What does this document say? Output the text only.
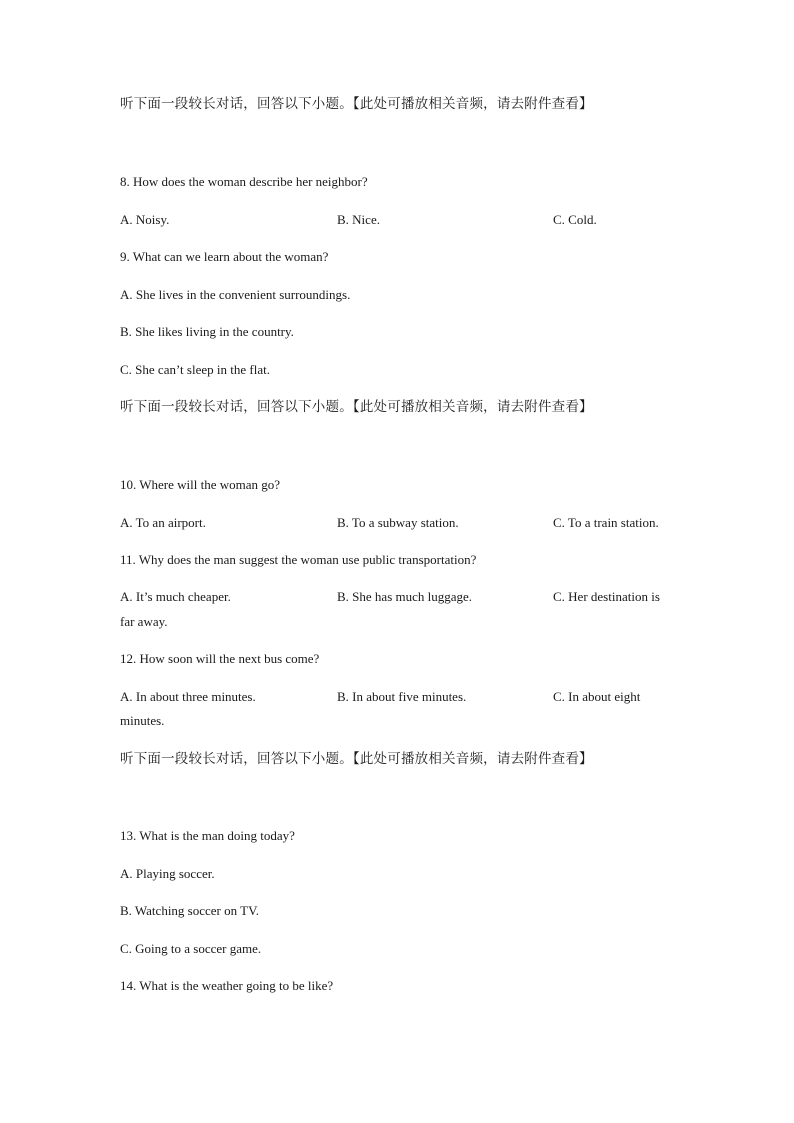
听下面一段较长对话，回答以下小题。【此处可播放相关音频，请去附件查看】
8. How does the woman describe her neighbor?
A. Noisy.	B. Nice.	C. Cold.
9. What can we learn about the woman?
A. She lives in the convenient surroundings.
B. She likes living in the country.
C. She can’t sleep in the flat.
听下面一段较长对话，回答以下小题。【此处可播放相关音频，请去附件查看】
10. Where will the woman go?
A. To an airport.	B. To a subway station.	C. To a train station.
11. Why does the man suggest the woman use public transportation?
A. It’s much cheaper.	B. She has much luggage.	C. Her destination is
far away.
12. How soon will the next bus come?
A. In about three minutes.	B. In about five minutes.	C. In about eight
minutes.
听下面一段较长对话，回答以下小题。【此处可播放相关音频，请去附件查看】
13. What is the man doing today?
A. Playing soccer.
B. Watching soccer on TV.
C. Going to a soccer game.
14. What is the weather going to be like?
